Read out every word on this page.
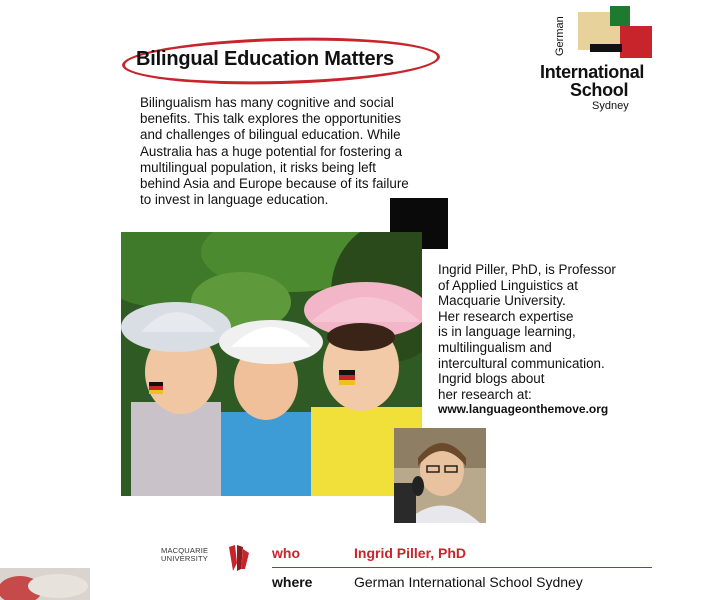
Bilingual Education Matters
Bilingualism has many cognitive and social benefits. This talk explores the opportunities and challenges of bilingual education. While Australia has a huge potential for fostering a multilingual population, it risks being left behind Asia and Europe because of its failure to invest in language education.
German
International
School
Sydney
Ingrid Piller, PhD, is Professor
of Applied Linguistics at
Macquarie University.
Her research expertise
is in language learning,
multilingualism and
intercultural communication.
Ingrid blogs about
her research at:
www.languageonthemove.org
MACQUARIE UNIVERSITY	who	Ingrid Piller, PhD
where	German International School Sydney
